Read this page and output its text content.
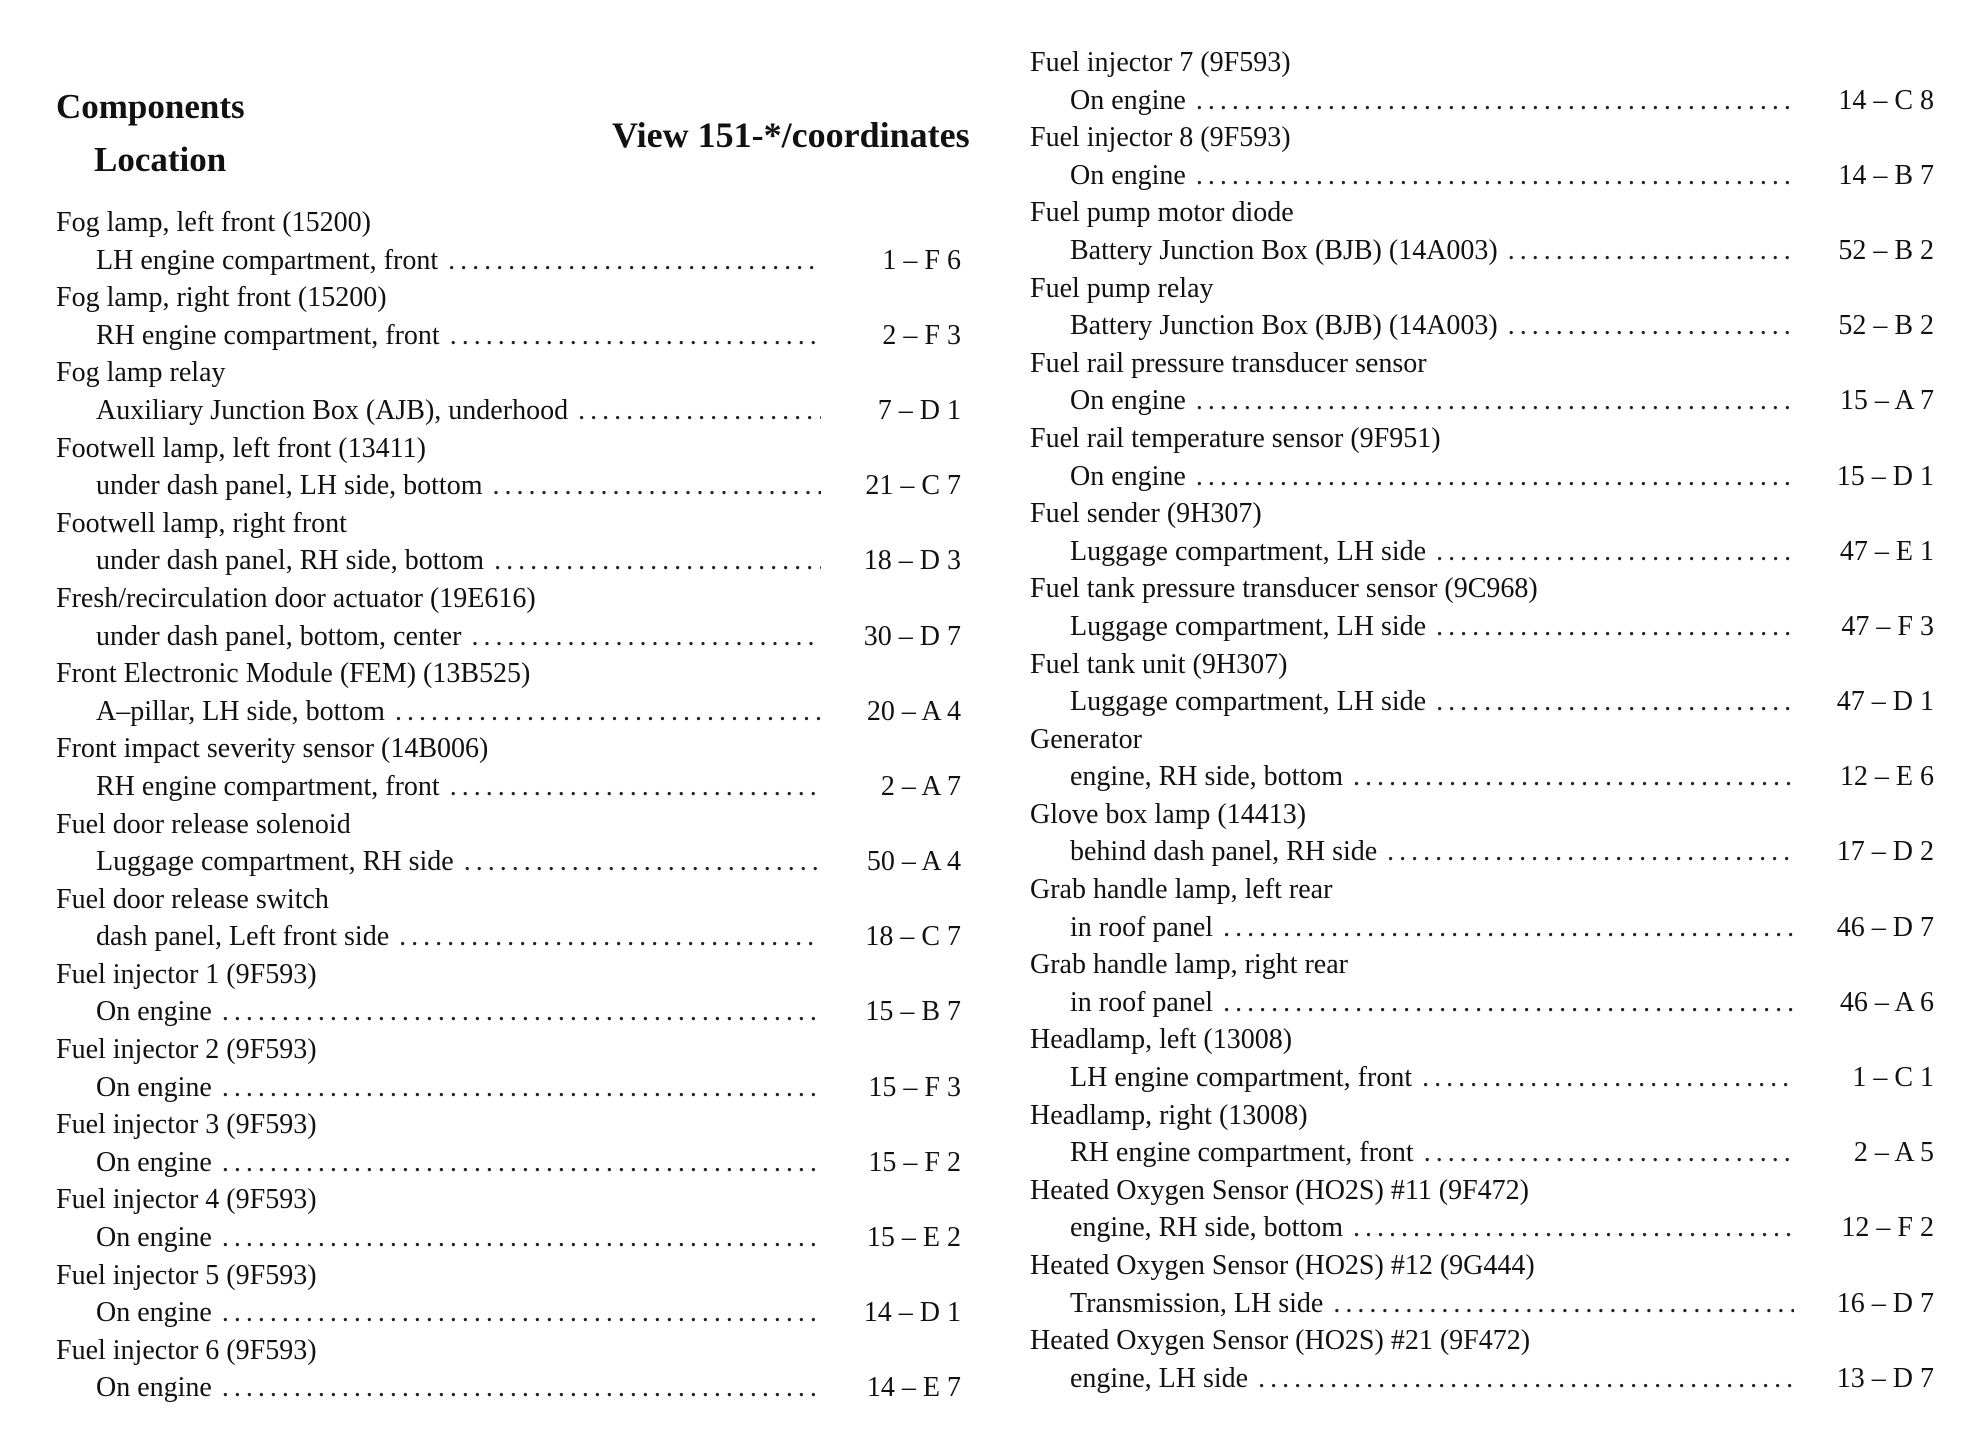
Components
Location
View 151-*/coordinates
Fog lamp, left front (15200)
LH engine compartment, front .....	1 – F 6
Fog lamp, right front (15200)
RH engine compartment, front .....	2 – F 3
Fog lamp relay
Auxiliary Junction Box (AJB), underhood .....	7 – D 1
Footwell lamp, left front (13411)
under dash panel, LH side, bottom .....	21 – C 7
Footwell lamp, right front
under dash panel, RH side, bottom .....	18 – D 3
Fresh/recirculation door actuator (19E616)
under dash panel, bottom, center .....	30 – D 7
Front Electronic Module (FEM) (13B525)
A–pillar, LH side, bottom .....	20 – A 4
Front impact severity sensor (14B006)
RH engine compartment, front .....	2 – A 7
Fuel door release solenoid
Luggage compartment, RH side .....	50 – A 4
Fuel door release switch
dash panel, Left front side .....	18 – C 7
Fuel injector 1 (9F593)
On engine .....	15 – B 7
Fuel injector 2 (9F593)
On engine .....	15 – F 3
Fuel injector 3 (9F593)
On engine .....	15 – F 2
Fuel injector 4 (9F593)
On engine .....	15 – E 2
Fuel injector 5 (9F593)
On engine .....	14 – D 1
Fuel injector 6 (9F593)
On engine .....	14 – E 7
Fuel injector 7 (9F593)
On engine .....	14 – C 8
Fuel injector 8 (9F593)
On engine .....	14 – B 7
Fuel pump motor diode
Battery Junction Box (BJB) (14A003) .....	52 – B 2
Fuel pump relay
Battery Junction Box (BJB) (14A003) .....	52 – B 2
Fuel rail pressure transducer sensor
On engine .....	15 – A 7
Fuel rail temperature sensor (9F951)
On engine .....	15 – D 1
Fuel sender (9H307)
Luggage compartment, LH side .....	47 – E 1
Fuel tank pressure transducer sensor (9C968)
Luggage compartment, LH side .....	47 – F 3
Fuel tank unit (9H307)
Luggage compartment, LH side .....	47 – D 1
Generator
engine, RH side, bottom .....	12 – E 6
Glove box lamp (14413)
behind dash panel, RH side .....	17 – D 2
Grab handle lamp, left rear
in roof panel .....	46 – D 7
Grab handle lamp, right rear
in roof panel .....	46 – A 6
Headlamp, left (13008)
LH engine compartment, front .....	1 – C 1
Headlamp, right (13008)
RH engine compartment, front .....	2 – A 5
Heated Oxygen Sensor (HO2S) #11 (9F472)
engine, RH side, bottom .....	12 – F 2
Heated Oxygen Sensor (HO2S) #12 (9G444)
Transmission, LH side .....	16 – D 7
Heated Oxygen Sensor (HO2S) #21 (9F472)
engine, LH side .....	13 – D 7
